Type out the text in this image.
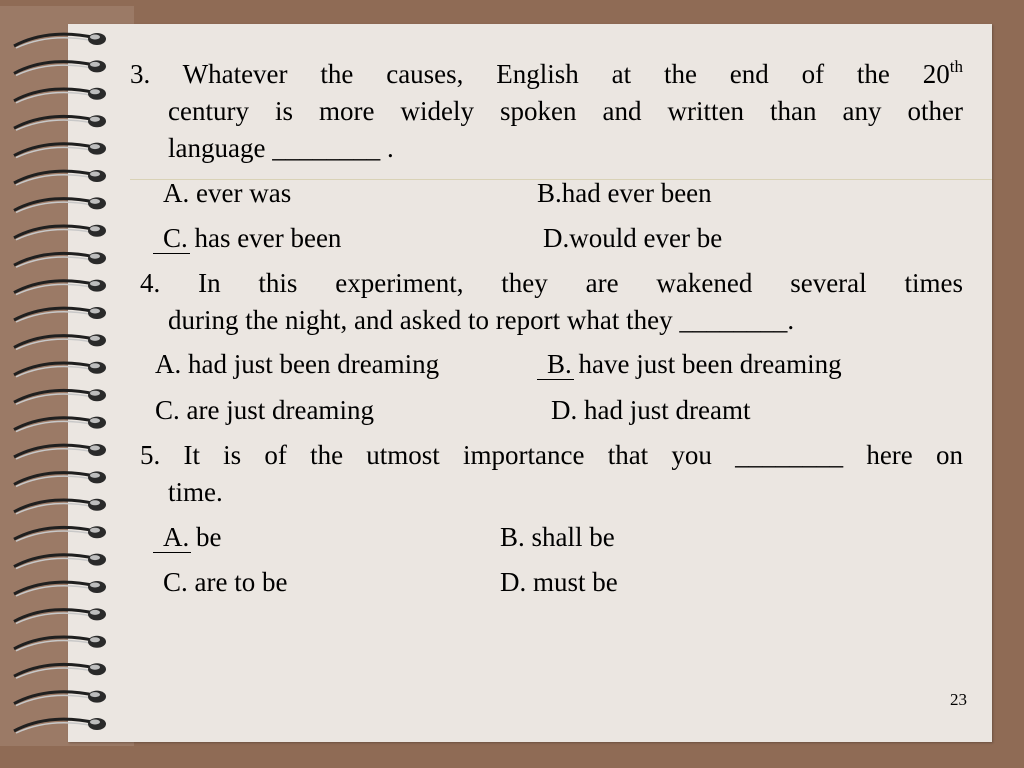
3. Whatever the causes, English at the end of the 20th
century is more widely spoken and written than any other
language ________ .
A. ever was	B.had ever been
C. has ever been	D.would ever be
4. In this experiment, they are wakened several times
during the night, and asked to report what they ________.
A. had just been dreaming	B. have just been dreaming
C. are just dreaming	D. had just dreamt
5. It is of the utmost importance that you ________ here on
time.
A. be	B. shall be
C. are to be	D. must be
23
